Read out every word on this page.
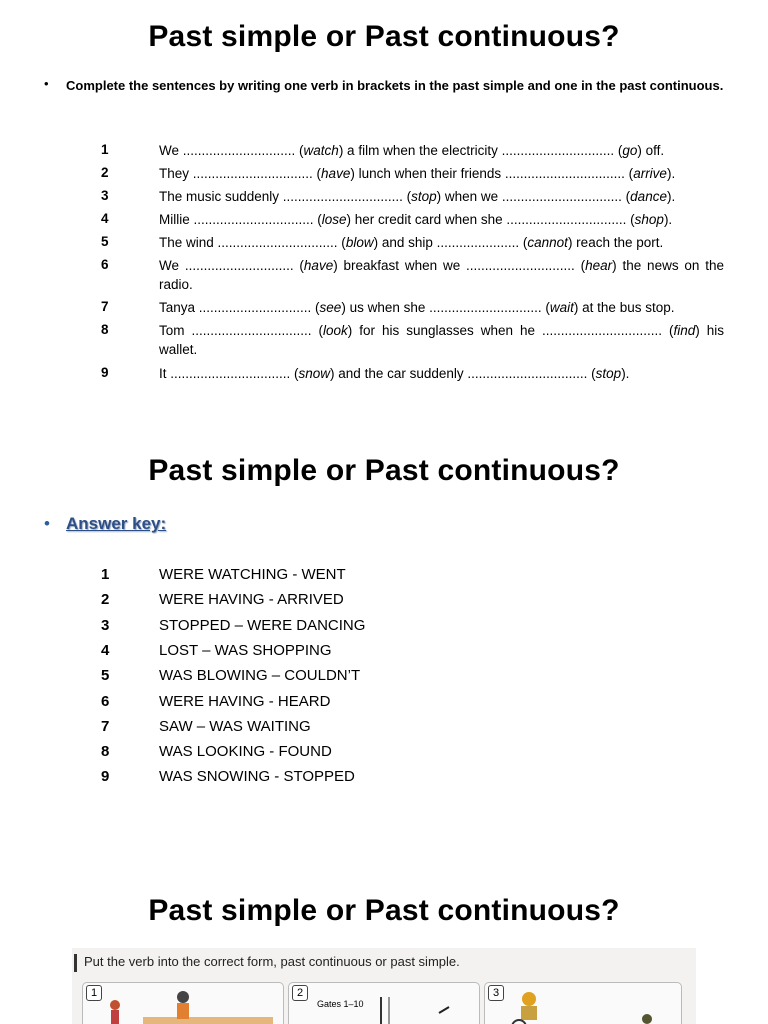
Past simple or Past continuous?
• Complete the sentences by writing one verb in brackets in the past simple and one in the past continuous.
1	We .............................. (watch) a film when the electricity .............................. (go) off.
2	They ................................ (have) lunch when their friends ................................ (arrive).
3	The music suddenly ................................ (stop) when we ................................ (dance).
4	Millie ................................ (lose) her credit card when she ................................ (shop).
5	The wind ................................ (blow) and ship ...................... (cannot) reach the port.
6	We ............................. (have) breakfast when we ............................. (hear) the news on the radio.
7	Tanya .............................. (see) us when she .............................. (wait) at the bus stop.
8	Tom ................................ (look) for his sunglasses when he ................................ (find) his wallet.
9	It ................................ (snow) and the car suddenly ................................ (stop).
Past simple or Past continuous?
• Answer key:
1	WERE WATCHING - WENT
2	WERE HAVING - ARRIVED
3	STOPPED – WERE DANCING
4	LOST – WAS SHOPPING
5	WAS BLOWING – COULDN’T
6	WERE HAVING - HEARD
7	SAW – WAS WAITING
8	WAS LOOKING - FOUND
9	WAS SNOWING - STOPPED
Past simple or Past continuous?
Put the verb into the correct form, past continuous or past simple.
1	2
Gates 1–10
3
